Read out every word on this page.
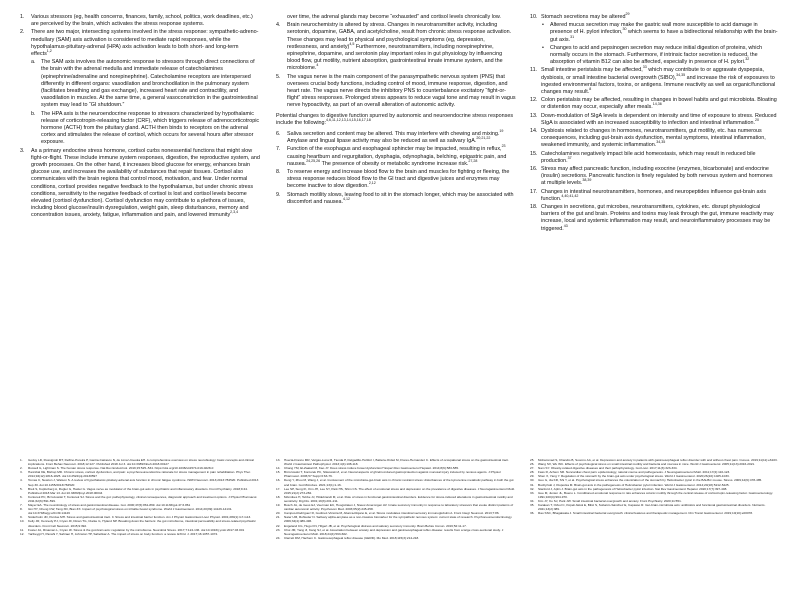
1.	Various stressors (eg, health concerns, finances, family, school, politics, work deadlines, etc.) are perceived by the brain, which activates the stress response systems.
2.	There are two major, intersecting systems involved in the stress response: sympathetic-adreno-medullary (SAM) axis activation is considered to mediate rapid responses, while the hypothalamus-pituitary-adrenal (HPA) axis activation leads to both short- and long-term effects$^{1,2}$
a.	The SAM axis involves the autonomic response to stressors through direct connections of the brain with the adrenal medulla and immediate release of catecholamines (epinephrine/adrenaline and norepinephrine). Catecholamine receptors are interspersed differently in different organs: vasodilation and bronchodilation in the pulmonary system (facilitates breathing and gas exchange), increased heart rate and contractility, and vasodilation in muscles. At the same time, a general vasoconstriction in the gastrointestinal system may lead to “GI shutdown.”
b.	The HPA axis is the neuroendocrine response to stressors characterized by hypothalamic release of corticotropin-releasing factor (CRF), which triggers release of adrenocorticotropic hormone (ACTH) from the pituitary gland. ACTH then binds to receptors on the adrenal cortex and stimulates the release of cortisol, which occurs for several hours after stressor exposure.
3.	As a primary endocrine stress hormone, cortisol curbs nonessential functions that might slow fight-or-flight. These include immune system responses, digestion, the reproductive system, and growth processes. On the other hand, it increases blood glucose for energy, enhances brain glucose use, and increases the availability of substances that repair tissues. Cortisol also communicates with the brain regions that control mood, motivation, and fear. Under normal conditions, cortisol provides negative feedback to the hypothalamus, but under chronic stress conditions, sensitivity to the negative feedback of cortisol is lost and cortisol levels become elevated (cortisol dysfunction). Cortisol dysfunction may contribute to a plethora of issues, including blood glucose/insulin dysregulation, weight gain, sleep disturbances, memory and concentration issues, anxiety, fatigue, inflammation and pain, and lowered immunity$^{2,3,4}$
over time, the adrenal glands may become “exhausted” and cortisol levels chronically low.
4.	Brain neurochemistry is altered by stress. Changes in neurotransmitter activity, including serotonin, dopamine, GABA, and acetylcholine, result from chronic stress response activation. These changes may lead to physical and psychological symptoms (eg, depression, restlessness, and anxiety)$^{4,5}$ Furthermore, neurotransmitters, including norepinephrine, epinephrine, dopamine, and serotonin play important roles in gut physiology by influencing blood flow, gut motility, nutrient absorption, gastrointestinal innate immune system, and the microbiome.$^4$
5.	The vagus nerve is the main component of the parasympathetic nervous system (PNS) that oversees crucial body functions, including control of mood, immune response, digestion, and heart rate. The vagus nerve directs the inhibitory PNS to counterbalance excitatory “fight-or-flight” stress responses. Prolonged stress appears to reduce vagal tone and may result in vagus nerve hypoactivity, as part of an overall alteration of autonomic activity.
Potential changes to digestive function spurred by autonomic and neuroendocrine stress responses include the following:$^{4,6,11,12,13,14,15,16,17,18}$
6.	Saliva secretion and content may be altered. This may interfere with chewing and mixing.$^{19}$ Amylase and lingual lipase activity may also be reduced as well as salivary IgA.$^{20,21,22}$
7.	Function of the esophagus and esophageal sphincter may be impacted, resulting in reflux,$^{23}$ causing heartburn and regurgitation, dysphagia, odynophagia, belching, epigastric pain, and nausea.$^{24,25,26}$ The presence of obesity or metabolic syndrome increase risk.$^{27,28}$
8.	To reserve energy and increase blood flow to the brain and muscles for fighting or fleeing, the stress response reduces blood flow to the GI tract and digestive juices and enzymes may become inactive to slow digestion.$^{2,12}$
9.	Stomach motility slows, leaving food to sit in the stomach longer, which may be associated with discomfort and nausea.$^{4,12}$
10. Stomach secretions may be altered$^{29}$
•	Altered mucus secretion may make the gastric wall more susceptible to acid damage in presence of H. pylori infection,$^{30}$ which seems to have a bidirectional relationship with the brain-gut axis.$^{31}$
•	Changes to acid and pepsinogen secretion may reduce initial digestion of proteins, which normally occurs in the stomach. Furthermore, if intrinsic factor secretion is reduced, the absorption of vitamin B12 can also be affected, especially in presence of H. pylori.$^{32}$
11. Small intestine peristalsis may be affected,$^{33}$ which may contribute to or aggravate dyspepsia, dysbiosis, or small intestine bacterial overgrowth (SIBO),$^{34,35}$ and increase the risk of exposures to ingested environmental factors, toxins, or antigens. Immune reactivity as well as organic/functional changes may result.$^8$
12. Colon peristalsis may be affected, resulting in changes in bowel habits and gut microbiota. Bloating or distention may occur, especially after meals.$^{14,36}$
13. Down-modulation of SIgA levels is dependent on intensity and time of exposure to stress. Reduced SIgA is associated with an increased susceptibility to infection and intestinal inflammation.$^{20}$
14. Dysbiosis related to changes in hormones, neurotransmitters, gut motility, etc. has numerous consequences, including gut-brain axis dysfunction, mental symptoms, intestinal inflammation, weakened immunity, and systemic inflammation.$^{34,35}$
15. Catecholamines negatively impact bile acid homeostasis, which may result in reduced bile production.$^{37}$
16. Stress may affect pancreatic function, including exocrine (enzymes, bicarbonate) and endocrine (insulin) secretions. Pancreatic function is finely regulated by both nervous system and hormones at multiple levels.$^{38,39}$
17. Changes in intestinal neurotransmitters, hormones, and neuropeptides influence gut-brain axis function.$^{4,40,41,42}$
18. Changes in secretions, gut microbes, neurotransmitters, cytokines, etc. disrupt physiological barriers of the gut and brain. Proteins and toxins may leak through the gut, immune reactivity may increase, local and systemic inflammation may result, and neuroinflammatory processes may be triggered.$^{43}$
1.	Godoy LD, Rossignoli MT, Delfino-Pereira P, Garcia-Cairasco N, de Lima Umeoka EH. A comprehensive overview on stress neurobiology: basic concepts and clinical implications. Front Behav Neurosci. 2018;12:127. Published 2018 Jul 3. doi:10.3389/fnbeh.2018.00127
2.	Russell G, Lightman S. The human stress response. Nat Rev Endocrinol. 2019;15:525–534. https://doi.org/10.1038/s41574-019-0228-0
3.	Hannibal KE, Bishop MD. Chronic stress, cortisol dysfunction, and pain: a psychoneuroendocrine rationale for stress management in pain rehabilitation. Phys Ther. 2014;94(12):1816-1825. doi:10.2522/ptj.20130597
4.	Tomas C, Newton J, Watson S. A review of hypothalamic-pituitary-adrenal axis function in chronic fatigue syndrome. ISRN Neurosci. 2013;2013:784520. Published 2013 Sep 30. doi:10.1155/2013/784520
5.	Breit S, Kupferberg A, Rogler G, Hasler G. Vagus nerve as modulator of the brain-gut axis in psychiatric and inflammatory disorders. Front Psychiatry. 2018;9:44. Published 2018 Mar 13. doi:10.3389/fpsyt.2018.00044
6.	Konturek PC, Brzozowski T, Konturek SJ. Stress and the gut: pathophysiology, clinical consequences, diagnostic approach and treatment options. J Physiol Pharmacol. 2011;62(6):591-599.
7.	Mayer EA. The neurobiology of stress and gastrointestinal disease. Gut. 2000;47(6):861-869. doi:10.1136/gut.47.6.861
8.	Gin HY, Cheng CW, Tang XD, Bian ZX. Impact of psychological stress on irritable bowel syndrome. World J Gastroenterol. 2014;20(39):14126-14131. doi:10.3748/wjg.v20.i39.14126
9.	Söderholm JD, Perdue MH. Stress and gastrointestinal tract. II. Stress and intestinal barrier function. Am J Physiol Gastrointest Liver Physiol. 2001;280(1):G7-G13.
10.	Kelly JR, Kennedy PJ, Cryan JF, Dinan TG, Clarke G, Hyland NP. Breaking down the barriers: the gut microbiome, intestinal permeability and stress-related psychiatric disorders. Front Cell Neurosci. 2015;9:392.
11.	Foster JA, Rinaman L, Cryan JF. Stress & the gut-brain axis: regulation by the microbiome. Neurobiol Stress. 2017;7:124-136. doi:10.1016/j.ynstr.2017.03.001
12.	Yaribeygi H, Panahi Y, Sahraei H, Johnston TP, Sahebkar A. The impact of stress on body function: a review. EXCLI J. 2017;16:1057-1072.
13.	Huerta-Franco MR, Vargas-Luna M, Tienda P, Delgadillo-Holtfort I, Balleza-Ordaz M, Flores-Hernandez C. Effects of occupational stress on the gastrointestinal tract. World J Gastrointest Pathophysiol. 2013;4(4):108-118.
14.	Chang YM, El-Zaatari M, Kao JY. Does stress induce bowel dysfunction? Expert Rev Gastroenterol Hepatol. 2014;8(6):583-585.
15.	Brzozowski T, Konturek PC, Sliwowski Z, et al. Neural aspects of ghrelin-induced gastroprotection against mucosal injury induced by noxious agents. J Physiol Pharmacol. 2006;57 Suppl 6:63-76.
16.	Deng Y, Zhou M, Wang J, et al. Involvement of the microbiota-gut-brain axis in chronic restraint stress: disturbances of the kynurenine metabolic pathway in both the gut and brain. Gut Microbes. 2021;13(1):1-16.
17.	Lee SP, Sung IK, Kim JH, Lee SY, Park HS, Shim CS. The effect of emotional stress and depression on the prevalence of digestive diseases. J Neurogastroenterol Motil. 2015;21(2):273-282.
18.	Mönnikes H, Tebbe JJ, Hildebrandt M, et al. Role of stress in functional gastrointestinal disorders. Evidence for stress-induced alterations in gastrointestinal motility and sensitivity. Dig Dis. 2001;19(3):201-211.
19.	Bosch JA, de Geus EJ, Veerman EC, Hoogstraten J, Nieuw Amerongen AV. Innate secretory immunity in response to laboratory stressors that evoke distinct patterns of cardiac autonomic activity. Psychosom Med. 2003;65(2):245-258.
20.	Campos-Rodríguez R, Godínez-Victoria M, Abarca-Rojano E, et al. Stress modulates intestinal secretory immunoglobulin A. Front Integr Neurosci. 2013;7:86.
21.	Nater UM, Rohleder N. Salivary alpha-amylase as a non-invasive biomarker for the sympathetic nervous system: current state of research. Psychoneuroendocrinology. 2009;34(4):486-496.
22.	Engeland CG, Hugo FN, Hilgert JB, et al. Psychological distress and salivary secretory immunity. Brain Behav Immun. 2016;52:11-17.
23.	Choi JM, Yang JI, Kang SJ, et al. Association between anxiety and depression and gastroesophageal reflux disease: results from a large cross-sectional study. J Neurogastroenterol Motil. 2018;24(4):593-602.
24.	Clarrett DM, Hachem C. Gastroesophageal reflux disease (GERD). Mo Med. 2018;115(3):214-218.
25.	Mohammad S, Chandio B, Soomro AA, et al. Depression and anxiety in patients with gastroesophageal reflux disorder with and without chest pain. Cureus. 2019;11(11):e6103.
26.	Wang SX, Wu WC. Effects of psychological stress on small intestinal motility and bacteria and mucosa in mice. World J Gastroenterol. 2005;11(13):2016-2021.
27.	Nam SY. Obesity-related digestive diseases and their pathophysiology. Gut Liver. 2017;11(3):323-334.
28.	Fass R, Achem SR. Noncardiac chest pain: epidemiology, natural course and pathogenesis. J Neurogastroenterol Motil. 2011;17(2):110-123.
29.	Shen X, Yang Y. Regulation of the stomach by the brain-gut axis under psychological stress. World J Gastroenterol. 2020;26(10):1025-1033.
30.	Guo G, Jia KR, Shi Y, et al. Psychological stress enhances the colonization of the stomach by Helicobacter pylori in the BALB/c mouse. Stress. 2009;12(6):478-485.
31.	Budzyński J, Kłopocka M. Brain-gut axis in the pathogenesis of Helicobacter pylori infection. World J Gastroenterol. 2014;20(18):5212-5225.
32.	Stanford J, Aplin J. Brain-gut axis in the pathogenesis of Helicobacter pylori infection. Nat Rev Gastroenterol Hepatol. 2020;17(7):397-408.
33.	Gue M, Junien JL, Bueno L. Conditioned emotional response in rats enhances colonic motility through the central release of corticotropin-releasing factor. Gastroenterology. 1991;100(4):964-970.
34.	Kim JY, Ko SJ, Park JW. Small intestinal bacterial overgrowth and anxiety. Front Psychiatry. 2020;11:551.
35.	Karakan T, Ozkul C, Küpeli Akkol E, Bilici S, Sobarzo-Sánchez E, Capasso R. Gut-brain-microbiota axis: antibiotics and functional gastrointestinal disorders. Nutrients. 2021;13(2):389.
36.	Rao SSC, Bhagatwala J. Small intestinal bacterial overgrowth: clinical features and therapeutic management. Clin Transl Gastroenterol. 2019;10(10):e00078.
